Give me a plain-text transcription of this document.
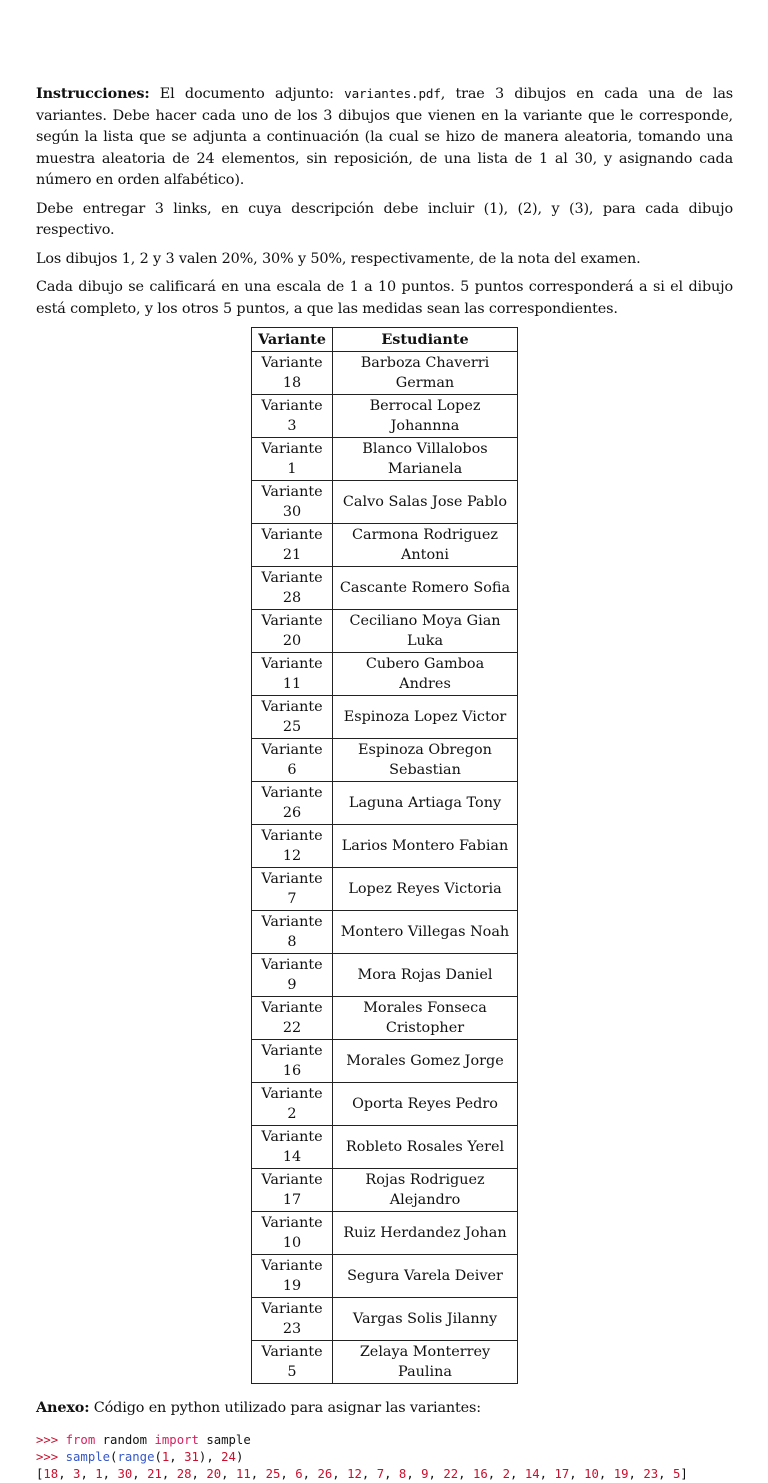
Instrucciones: El documento adjunto: variantes.pdf, trae 3 dibujos en cada una de las variantes. Debe hacer cada uno de los 3 dibujos que vienen en la variante que le corresponde, según la lista que se adjunta a continuación (la cual se hizo de manera aleatoria, tomando una muestra aleatoria de 24 elementos, sin reposición, de una lista de 1 al 30, y asignando cada número en orden alfabético).

Debe entregar 3 links, en cuya descripción debe incluir (1), (2), y (3), para cada dibujo respectivo.

Los dibujos 1, 2 y 3 valen 20%, 30% y 50%, respectivamente, de la nota del examen.

Cada dibujo se calificará en una escala de 1 a 10 puntos. 5 puntos corresponderá a si el dibujo está completo, y los otros 5 puntos, a que las medidas sean las correspondientes.

Variante	Estudiante
Variante 18	Barboza Chaverri German
Variante 3	Berrocal Lopez Johannna
Variante 1	Blanco Villalobos Marianela
Variante 30	Calvo Salas Jose Pablo
Variante 21	Carmona Rodriguez Antoni
Variante 28	Cascante Romero Sofia
Variante 20	Ceciliano Moya Gian Luka
Variante 11	Cubero Gamboa Andres
Variante 25	Espinoza Lopez Victor
Variante 6	Espinoza Obregon Sebastian
Variante 26	Laguna Artiaga Tony
Variante 12	Larios Montero Fabian
Variante 7	Lopez Reyes Victoria
Variante 8	Montero Villegas Noah
Variante 9	Mora Rojas Daniel
Variante 22	Morales Fonseca Cristopher
Variante 16	Morales Gomez Jorge
Variante 2	Oporta Reyes Pedro
Variante 14	Robleto Rosales Yerel
Variante 17	Rojas Rodriguez Alejandro
Variante 10	Ruiz Herdandez Johan
Variante 19	Segura Varela Deiver
Variante 23	Vargas Solis Jilanny
Variante 5	Zelaya Monterrey Paulina

Anexo: Código en python utilizado para asignar las variantes:

>>> from random import sample
>>> sample(range(1, 31), 24)
[18, 3, 1, 30, 21, 28, 20, 11, 25, 6, 26, 12, 7, 8, 9, 22, 16, 2, 14, 17, 10, 19, 23, 5]
